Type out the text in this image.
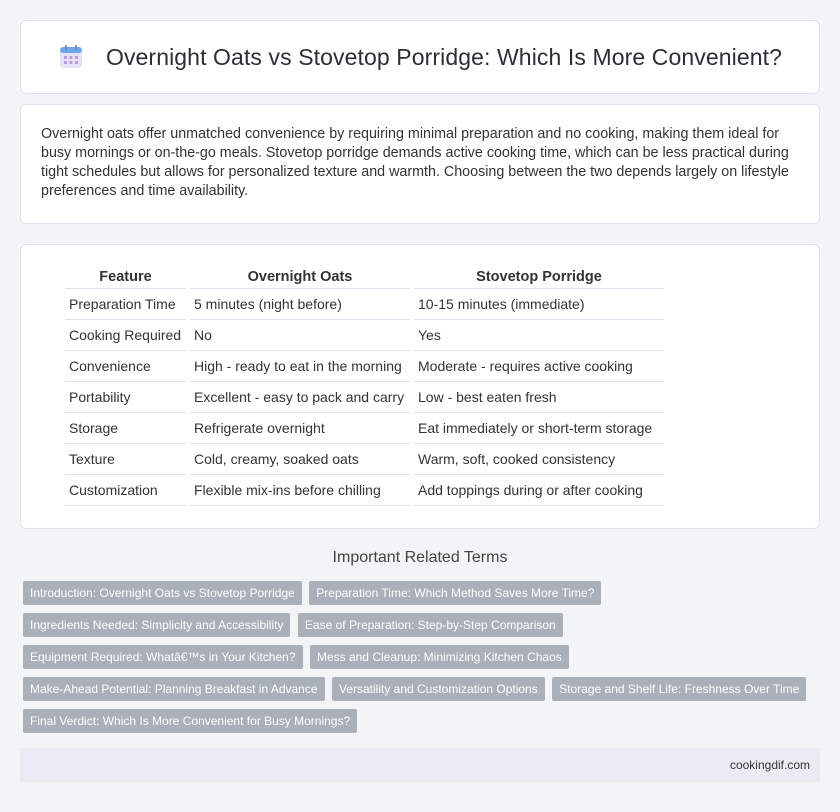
Overnight Oats vs Stovetop Porridge: Which Is More Convenient?

Overnight oats offer unmatched convenience by requiring minimal preparation and no cooking, making them ideal for busy mornings or on-the-go meals. Stovetop porridge demands active cooking time, which can be less practical during tight schedules but allows for personalized texture and warmth. Choosing between the two depends largely on lifestyle preferences and time availability.

Feature	Overnight Oats	Stovetop Porridge
Preparation Time	5 minutes (night before)	10-15 minutes (immediate)
Cooking Required	No	Yes
Convenience	High - ready to eat in the morning	Moderate - requires active cooking
Portability	Excellent - easy to pack and carry	Low - best eaten fresh
Storage	Refrigerate overnight	Eat immediately or short-term storage
Texture	Cold, creamy, soaked oats	Warm, soft, cooked consistency
Customization	Flexible mix-ins before chilling	Add toppings during or after cooking
Important Related Terms
Introduction: Overnight Oats vs Stovetop Porridge Preparation Time: Which Method Saves More Time?
Ingredients Needed: Simplicity and Accessibility Ease of Preparation: Step-by-Step Comparison
Equipment Required: Whatâ€™s in Your Kitchen? Mess and Cleanup: Minimizing Kitchen Chaos
Make-Ahead Potential: Planning Breakfast in Advance Versatility and Customization Options Storage and Shelf Life: Freshness Over Time
Final Verdict: Which Is More Convenient for Busy Mornings?
cookingdif.com
